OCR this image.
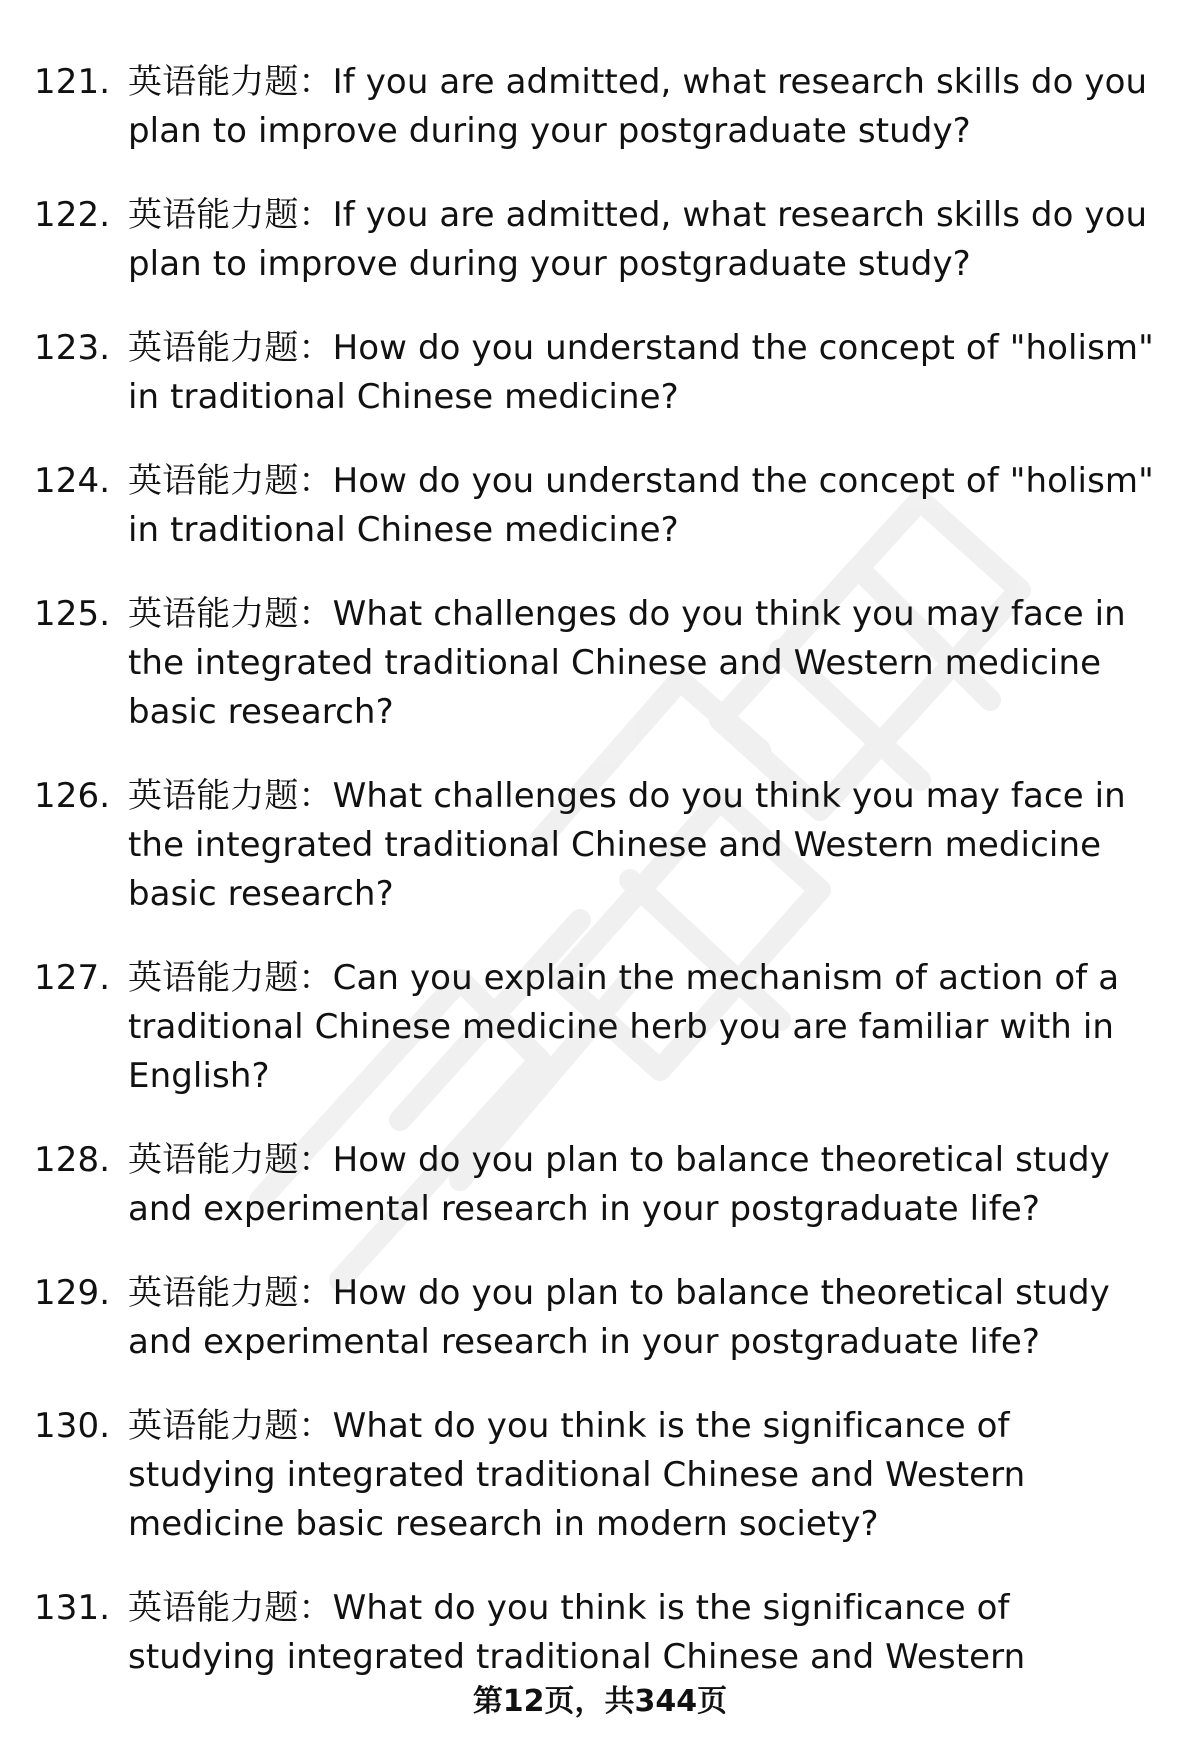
121. 英语能力题：If you are admitted, what research skills do you plan to improve during your postgraduate study?
122. 英语能力题：If you are admitted, what research skills do you plan to improve during your postgraduate study?
123. 英语能力题：How do you understand the concept of "holism" in traditional Chinese medicine?
124. 英语能力题：How do you understand the concept of "holism" in traditional Chinese medicine?
125. 英语能力题：What challenges do you think you may face in the integrated traditional Chinese and Western medicine basic research?
126. 英语能力题：What challenges do you think you may face in the integrated traditional Chinese and Western medicine basic research?
127. 英语能力题：Can you explain the mechanism of action of a traditional Chinese medicine herb you are familiar with in English?
128. 英语能力题：How do you plan to balance theoretical study and experimental research in your postgraduate life?
129. 英语能力题：How do you plan to balance theoretical study and experimental research in your postgraduate life?
130. 英语能力题：What do you think is the significance of studying integrated traditional Chinese and Western medicine basic research in modern society?
131. 英语能力题：What do you think is the significance of studying integrated traditional Chinese and Western
第12页，共344页
